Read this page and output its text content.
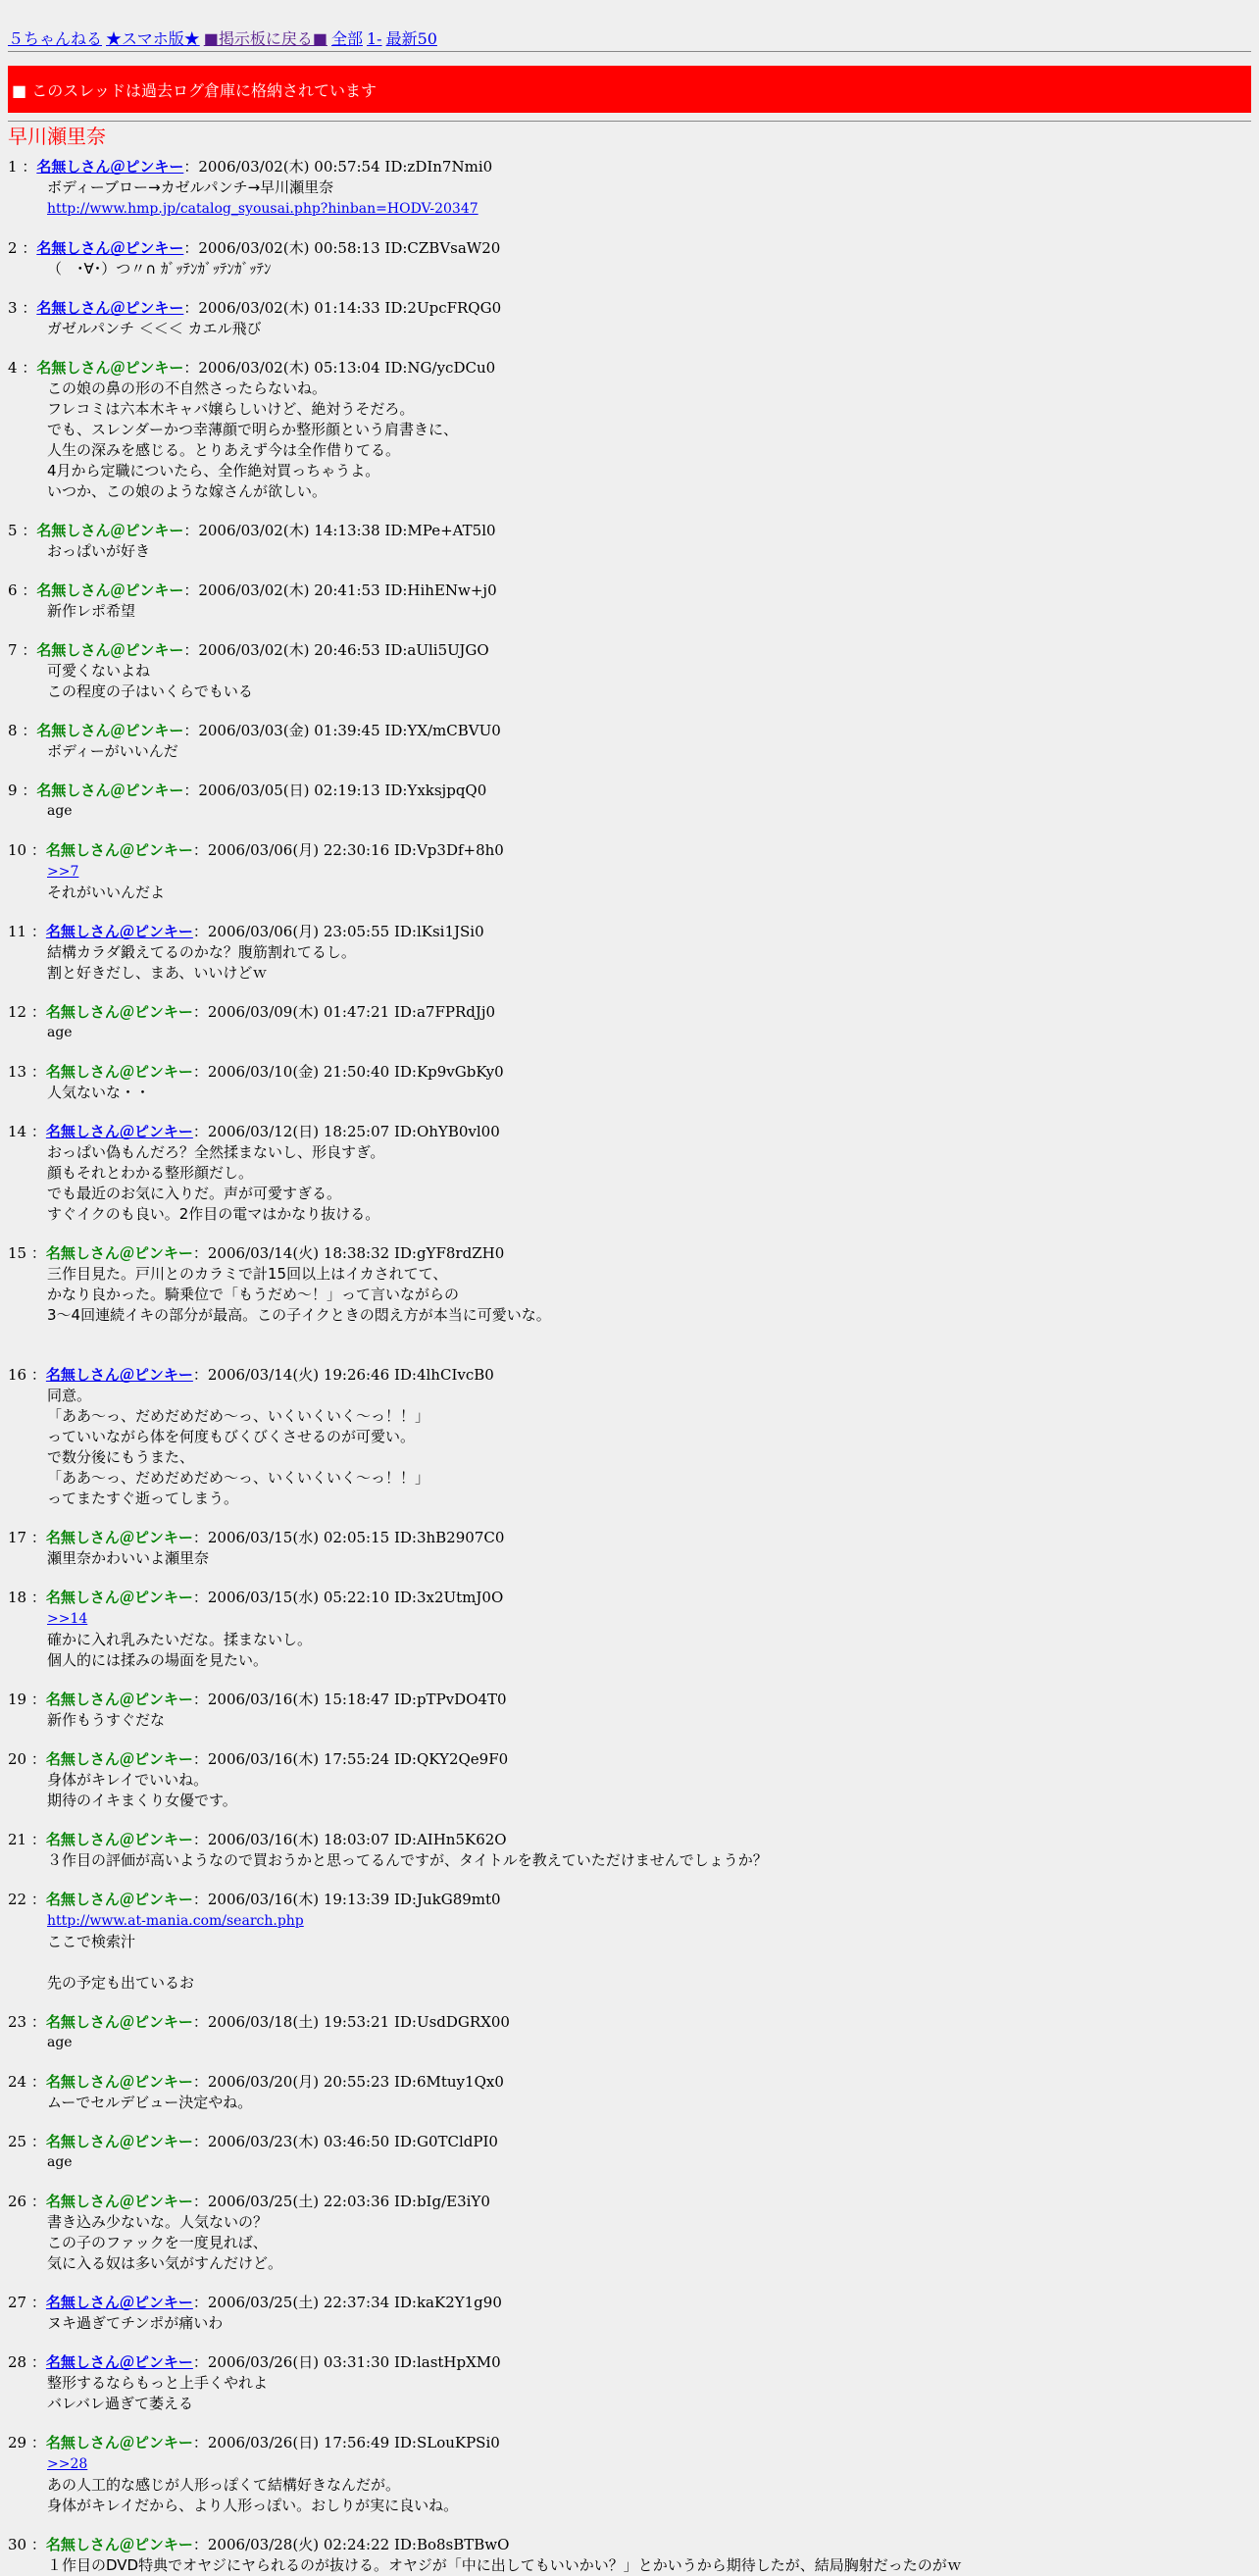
５ちゃんねる ★スマホ版★ ■掲示板に戻る■ 全部 1- 最新50
■ このスレッドは過去ログ倉庫に格納されています
早川瀬里奈
1 ：名無しさん＠ピンキー：2006/03/02(木) 00:57:54 ID:zDIn7Nmi0
ボディーブロー→カゼルパンチ→早川瀬里奈
http://www.hmp.jp/catalog_syousai.php?hinban=HODV-20347
2 ：名無しさん＠ピンキー：2006/03/02(木) 00:58:13 ID:CZBVsaW20
（　･∀･）つ〃∩ ｶﾞｯﾃﾝｶﾞｯﾃﾝｶﾞｯﾃﾝ
3 ：名無しさん＠ピンキー：2006/03/02(木) 01:14:33 ID:2UpcFRQG0
ガゼルパンチ ＜＜＜ カエル飛び
4 ：名無しさん＠ピンキー：2006/03/02(木) 05:13:04 ID:NG/ycDCu0
この娘の鼻の形の不自然さったらないね。
フレコミは六本木キャバ嬢らしいけど、絶対うそだろ。
でも、スレンダーかつ幸薄顔で明らか整形顔という肩書きに、
人生の深みを感じる。とりあえず今は全作借りてる。
4月から定職についたら、全作絶対買っちゃうよ。
いつか、この娘のような嫁さんが欲しい。
5 ：名無しさん＠ピンキー：2006/03/02(木) 14:13:38 ID:MPe+AT5l0
おっぱいが好き
6 ：名無しさん＠ピンキー：2006/03/02(木) 20:41:53 ID:HihENw+j0
新作レポ希望
7 ：名無しさん＠ピンキー：2006/03/02(木) 20:46:53 ID:aUli5UJGO
可愛くないよね
この程度の子はいくらでもいる
8 ：名無しさん＠ピンキー：2006/03/03(金) 01:39:45 ID:YX/mCBVU0
ボディーがいいんだ
9 ：名無しさん＠ピンキー：2006/03/05(日) 02:19:13 ID:YxksjpqQ0
age
10 ：名無しさん＠ピンキー：2006/03/06(月) 22:30:16 ID:Vp3Df+8h0
>>7
それがいいんだよ
11 ：名無しさん＠ピンキー：2006/03/06(月) 23:05:55 ID:lKsi1JSi0
結構カラダ鍛えてるのかな？腹筋割れてるし。
割と好きだし、まあ、いいけどｗ
12 ：名無しさん＠ピンキー：2006/03/09(木) 01:47:21 ID:a7FPRdJj0
age
13 ：名無しさん＠ピンキー：2006/03/10(金) 21:50:40 ID:Kp9vGbKy0
人気ないな・・
14 ：名無しさん＠ピンキー：2006/03/12(日) 18:25:07 ID:OhYB0vl00
おっぱい偽もんだろ？全然揉まないし、形良すぎ。
顔もそれとわかる整形顔だし。
でも最近のお気に入りだ。声が可愛すぎる。
すぐイクのも良い。2作目の電マはかなり抜ける。
15 ：名無しさん＠ピンキー：2006/03/14(火) 18:38:32 ID:gYF8rdZH0
三作目見た。戸川とのカラミで計15回以上はイカされてて、
かなり良かった。騎乗位で「もうだめ～！」って言いながらの
3～4回連続イキの部分が最高。この子イクときの悶え方が本当に可愛いな。
16 ：名無しさん＠ピンキー：2006/03/14(火) 19:26:46 ID:4lhCIvcB0
同意。
「ああ～っ、だめだめだめ～っ、いくいくいく～っ！！」
っていいながら体を何度もびくびくさせるのが可愛い。
で数分後にもうまた、
「ああ～っ、だめだめだめ～っ、いくいくいく～っ！！」
ってまたすぐ逝ってしまう。
17 ：名無しさん＠ピンキー：2006/03/15(水) 02:05:15 ID:3hB2907C0
瀬里奈かわいいよ瀬里奈
18 ：名無しさん＠ピンキー：2006/03/15(水) 05:22:10 ID:3x2UtmJ0O
>>14
確かに入れ乳みたいだな。揉まないし。
個人的には揉みの場面を見たい。
19 ：名無しさん＠ピンキー：2006/03/16(木) 15:18:47 ID:pTPvDO4T0
新作もうすぐだな
20 ：名無しさん＠ピンキー：2006/03/16(木) 17:55:24 ID:QKY2Qe9F0
身体がキレイでいいね。
期待のイキまくり女優です。
21 ：名無しさん＠ピンキー：2006/03/16(木) 18:03:07 ID:AIHn5K62O
３作目の評価が高いようなので買おうかと思ってるんですが、タイトルを教えていただけませんでしょうか？
22 ：名無しさん＠ピンキー：2006/03/16(木) 19:13:39 ID:JukG89mt0
http://www.at-mania.com/search.php
ここで検索汁
先の予定も出ているお
23 ：名無しさん＠ピンキー：2006/03/18(土) 19:53:21 ID:UsdDGRX00
age
24 ：名無しさん＠ピンキー：2006/03/20(月) 20:55:23 ID:6Mtuy1Qx0
ムーでセルデビュー決定やね。
25 ：名無しさん＠ピンキー：2006/03/23(木) 03:46:50 ID:G0TCldPI0
age
26 ：名無しさん＠ピンキー：2006/03/25(土) 22:03:36 ID:bIg/E3iY0
書き込み少ないな。人気ないの？
この子のファックを一度見れば、
気に入る奴は多い気がすんだけど。
27 ：名無しさん＠ピンキー：2006/03/25(土) 22:37:34 ID:kaK2Y1g90
ヌキ過ぎてチンポが痛いわ
28 ：名無しさん＠ピンキー：2006/03/26(日) 03:31:30 ID:lastHpXM0
整形するならもっと上手くやれよ
バレバレ過ぎて萎える
29 ：名無しさん＠ピンキー：2006/03/26(日) 17:56:49 ID:SLouKPSi0
>>28
あの人工的な感じが人形っぽくて結構好きなんだが。
身体がキレイだから、より人形っぽい。おしりが実に良いね。
30 ：名無しさん＠ピンキー：2006/03/28(火) 02:24:22 ID:Bo8sBTBwO
１作目のDVD特典でオヤジにヤられるのが抜ける。オヤジが「中に出してもいいかい？」とかいうから期待したが、結局胸射だったのがｗ
